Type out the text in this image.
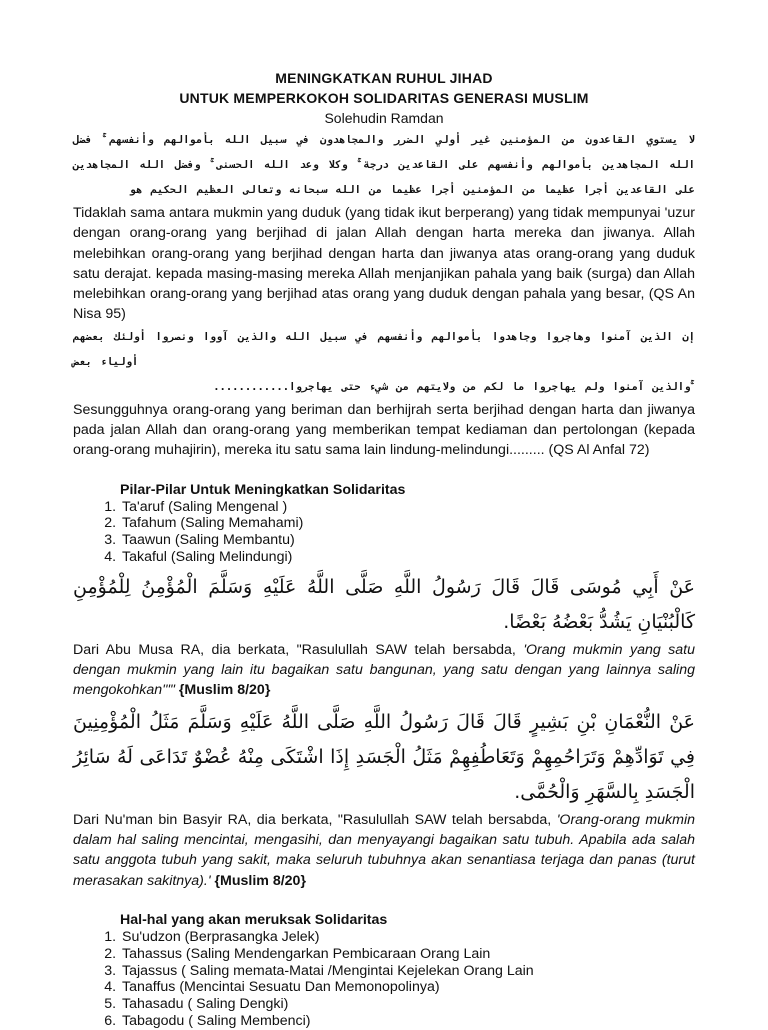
MENINGKATKAN RUHUL JIHAD
UNTUK MEMPERKOKOH SOLIDARITAS GENERASI MUSLIM
Solehudin Ramdan
ﻻ ﻳﺴﺘﻮﻱ ﺍﻟﻘﺎﻋﺪﻭﻥ ﻣﻦ ﺍﻟﻤﺆﻣﻨﻴﻦ ﻏﻴﺮ ﺃﻭﻟﻲ ﺍﻟﻀﺮﺭ ﻭﺍﻟﻤﺠﺎﻫﺪﻭﻥ ﻓﻲ ﺳﺒﻴﻞ ﺍﻟﻠﻪ ﺑﺄﻣﻮﺍﻟﻬﻢ ﻭﺃﻧﻔﺴﻬﻢ ۚ ﻓﻀﻞ ﺍﻟﻠﻪ ﺍﻟﻤﺠﺎﻫﺪﻳﻦ ﺑﺄﻣﻮﺍﻟﻬﻢ ﻭﺃﻧﻔﺴﻬﻢ ﻋﻠﻰ ﺍﻟﻘﺎﻋﺪﻳﻦ ﺩﺭﺟﺔ ۚ ﻭﻛﻼ ﻭﻋﺪ ﺍﻟﻠﻪ ﺍﻟﺤﺴﻨﻰ ۚ ﻭﻓﻀﻞ ﺍﻟﻠﻪ ﺍﻟﻤﺠﺎﻫﺪﻳﻦ ﻋﻠﻰ ﺍﻟﻘﺎﻋﺪﻳﻦ ﺃﺟﺮﺍ ﻋﻈﻴﻤﺎ ﻣﻦ ﺍﻟﻤﺆﻣﻨﻴﻦ ﺃﺟﺮﺍ ﻋﻈﻴﻤﺎ ﻣﻦ ﺍﻟﻠﻪ ﺳﺒﺤﺎﻧﻪ ﻭﺗﻌﺎﻟﻰ ﺍﻟﻌﻈﻴﻢ ﺍﻟﺤﻜﻴﻢ ﻫﻮ

Tidaklah sama antara mukmin yang duduk (yang tidak ikut berperang) yang tidak mempunyai 'uzur dengan orang-orang yang berjihad di jalan Allah dengan harta mereka dan jiwanya. Allah melebihkan orang-orang yang berjihad dengan harta dan jiwanya atas orang-orang yang duduk satu derajat. kepada masing-masing mereka Allah menjanjikan pahala yang baik (surga) dan Allah melebihkan orang-orang yang berjihad atas orang yang duduk dengan pahala yang besar, (QS An Nisa 95)

ﺇﻥ ﺍﻟﺬﻳﻦ ﺁﻣﻨﻮﺍ ﻭﻫﺎﺟﺮﻭﺍ ﻭﺟﺎﻫﺪﻭﺍ ﺑﺄﻣﻮﺍﻟﻬﻢ ﻭﺃﻧﻔﺴﻬﻢ ﻓﻲ ﺳﺒﻴﻞ ﺍﻟﻠﻪ ﻭﺍﻟﺬﻳﻦ ﺁﻭﻭﺍ ﻭﻧﺼﺮﻭﺍ ﺃﻭﻟﺌﻚ ﺑﻌﻀﻬﻢ ﺃﻭﻟﻴﺎﺀ ﺑﻌﺾ
............ﻭﺍﻟﺬﻳﻦ ﺁﻣﻨﻮﺍ ﻭﻟﻢ ﻳﻬﺎﺟﺮﻭﺍ ﻣﺎ ﻟﻜﻢ ﻣﻦ ﻭﻻﻳﺘﻬﻢ ﻣﻦ ﺷﻲﺀ ﺣﺘﻰ ﻳﻬﺎﺟﺮﻭﺍ ۚ

Sesungguhnya orang-orang yang beriman dan berhijrah serta berjihad dengan harta dan jiwanya pada jalan Allah dan orang-orang yang memberikan tempat kediaman dan pertolongan (kepada orang-orang muhajirin), mereka itu satu sama lain lindung-melindungi......... (QS Al Anfal 72)

Pilar-Pilar Untuk Meningkatkan Solidaritas
1. Ta'aruf (Saling Mengenal )
2. Tafahum (Saling Memahami)
3. Taawun (Saling Membantu)
4. Takaful (Saling Melindungi)
عَنْ أَبِي مُوسَى قَالَ قَالَ رَسُولُ اللَّهِ صَلَّى اللَّهُ عَلَيْهِ وَسَلَّمَ الْمُؤْمِنُ لِلْمُؤْمِنِ كَالْبُنْيَانِ يَشُدُّ بَعْضُهُ بَعْضًا.

Dari Abu Musa RA, dia berkata, "Rasulullah SAW telah bersabda, 'Orang mukmin yang satu dengan mukmin yang lain itu bagaikan satu bangunan, yang satu dengan yang lainnya saling mengokohkan'"" {Muslim 8/20}

عَنْ النُّعْمَانِ بْنِ بَشِيرٍ قَالَ قَالَ رَسُولُ اللَّهِ صَلَّى اللَّهُ عَلَيْهِ وَسَلَّمَ مَثَلُ الْمُؤْمِنِينَ فِي تَوَادِّهِمْ وَتَرَاحُمِهِمْ وَتَعَاطُفِهِمْ مَثَلُ الْجَسَدِ إِذَا اشْتَكَى مِنْهُ عُضْوٌ تَدَاعَى لَهُ سَائِرُ الْجَسَدِ بِالسَّهَرِ وَالْحُمَّى.

Dari Nu'man bin Basyir RA, dia berkata, "Rasulullah SAW telah bersabda, 'Orang-orang mukmin dalam hal saling mencintai, mengasihi, dan menyayangi bagaikan satu tubuh. Apabila ada salah satu anggota tubuh yang sakit, maka seluruh tubuhnya akan senantiasa terjaga dan panas (turut merasakan sakitnya).' {Muslim 8/20}

Hal-hal yang akan meruksak Solidaritas
1. Su'udzon (Berprasangka Jelek)
2. Tahassus (Saling Mendengarkan Pembicaraan Orang Lain
3. Tajassus ( Saling memata-Matai /Mengintai Kejelekan Orang Lain
4. Tanaffus (Mencintai Sesuatu Dan Memonopolinya)
5. Tahasadu ( Saling Dengki)
6. Tabagodu ( Saling Membenci)
